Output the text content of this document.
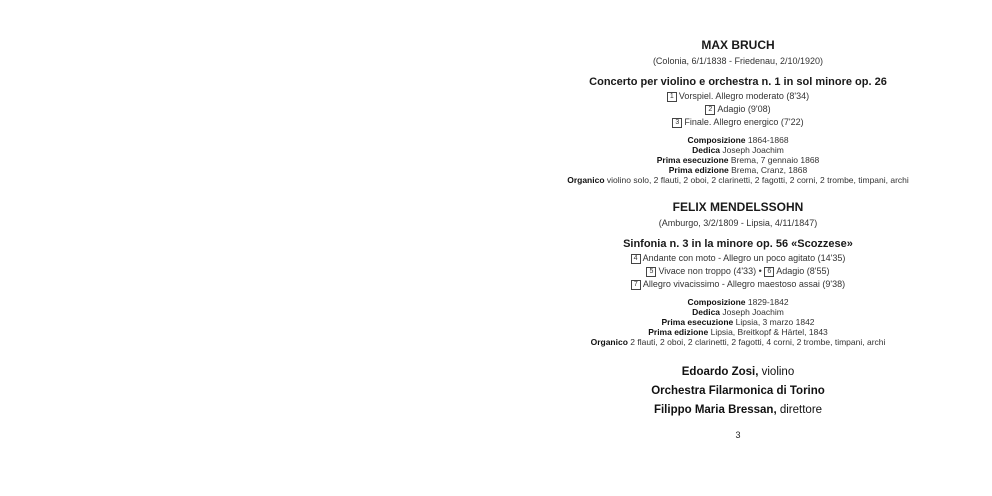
MAX BRUCH

(Colonia, 6/1/1838 - Friedenau, 2/10/1920)

Concerto per violino e orchestra n. 1 in sol minore op. 26

1 Vorspiel. Allegro moderato (8'34)

2 Adagio (9'08)

3 Finale. Allegro energico (7'22)

Composizione 1864-1868

Dedica Joseph Joachim

Prima esecuzione Brema, 7 gennaio 1868

Prima edizione Brema, Cranz, 1868

Organico violino solo, 2 flauti, 2 oboi, 2 clarinetti, 2 fagotti, 2 corni, 2 trombe, timpani, archi

FELIX MENDELSSOHN

(Amburgo, 3/2/1809 - Lipsia, 4/11/1847)

Sinfonia n. 3 in la minore op. 56 «Scozzese»

4 Andante con moto - Allegro un poco agitato (14'35)

5 Vivace non troppo (4'33) • 6 Adagio (8'55)

7 Allegro vivacissimo - Allegro maestoso assai (9'38)

Composizione 1829-1842

Dedica Joseph Joachim

Prima esecuzione Lipsia, 3 marzo 1842

Prima edizione Lipsia, Breitkopf & Härtel, 1843

Organico 2 flauti, 2 oboi, 2 clarinetti, 2 fagotti, 4 corni, 2 trombe, timpani, archi

Edoardo Zosi, violino

Orchestra Filarmonica di Torino

Filippo Maria Bressan, direttore

3
